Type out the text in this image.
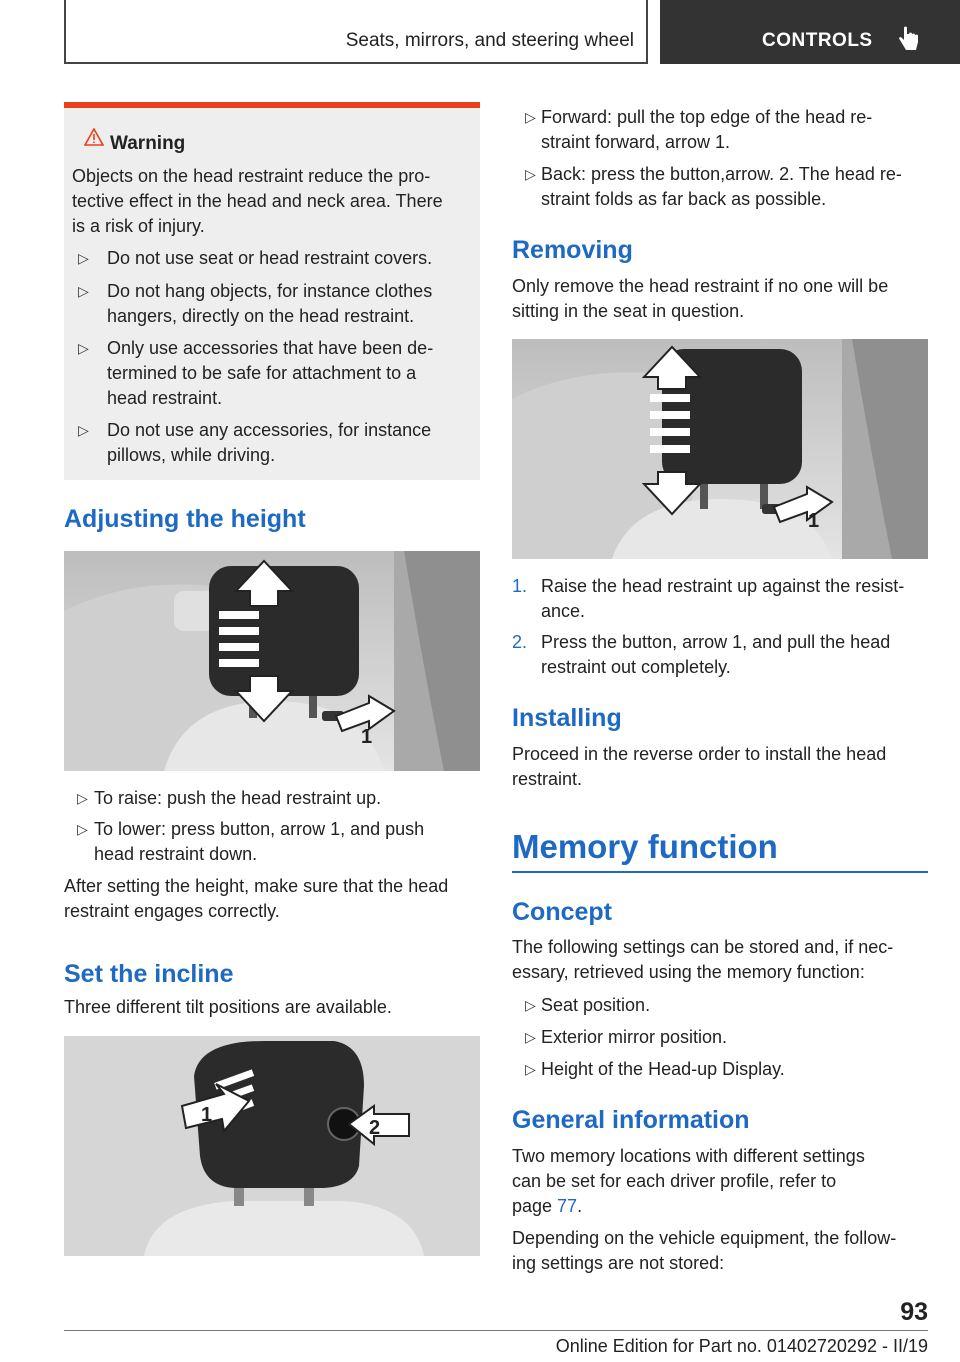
Seats, mirrors, and steering wheel	CONTROLS
Warning
Objects on the head restraint reduce the pro-
tective effect in the head and neck area. There
is a risk of injury.
▷ Do not use seat or head restraint covers.
▷ Do not hang objects, for instance clothes
hangers, directly on the head restraint.
▷ Only use accessories that have been de-
termined to be safe for attachment to a
head restraint.
▷ Do not use any accessories, for instance
pillows, while driving.
Adjusting the height
1
▷ To raise: push the head restraint up.
▷ To lower: press button, arrow 1, and push
head restraint down.
After setting the height, make sure that the head
restraint engages correctly.
Set the incline
Three different tilt positions are available.
1
2
▷ Forward: pull the top edge of the head re-
straint forward, arrow 1.
▷ Back: press the button,arrow. 2. The head re-
straint folds as far back as possible.
Removing
Only remove the head restraint if no one will be
sitting in the seat in question.
1
1. Raise the head restraint up against the resist-
ance.
2. Press the button, arrow 1, and pull the head
restraint out completely.
Installing
Proceed in the reverse order to install the head
restraint.
Memory function
Concept
The following settings can be stored and, if nec-
essary, retrieved using the memory function:
▷ Seat position.
▷ Exterior mirror position.
▷ Height of the Head-up Display.
General information
Two memory locations with different settings
can be set for each driver profile, refer to
page 77.
Depending on the vehicle equipment, the follow-
ing settings are not stored:
93
Online Edition for Part no. 01402720292 - II/19
